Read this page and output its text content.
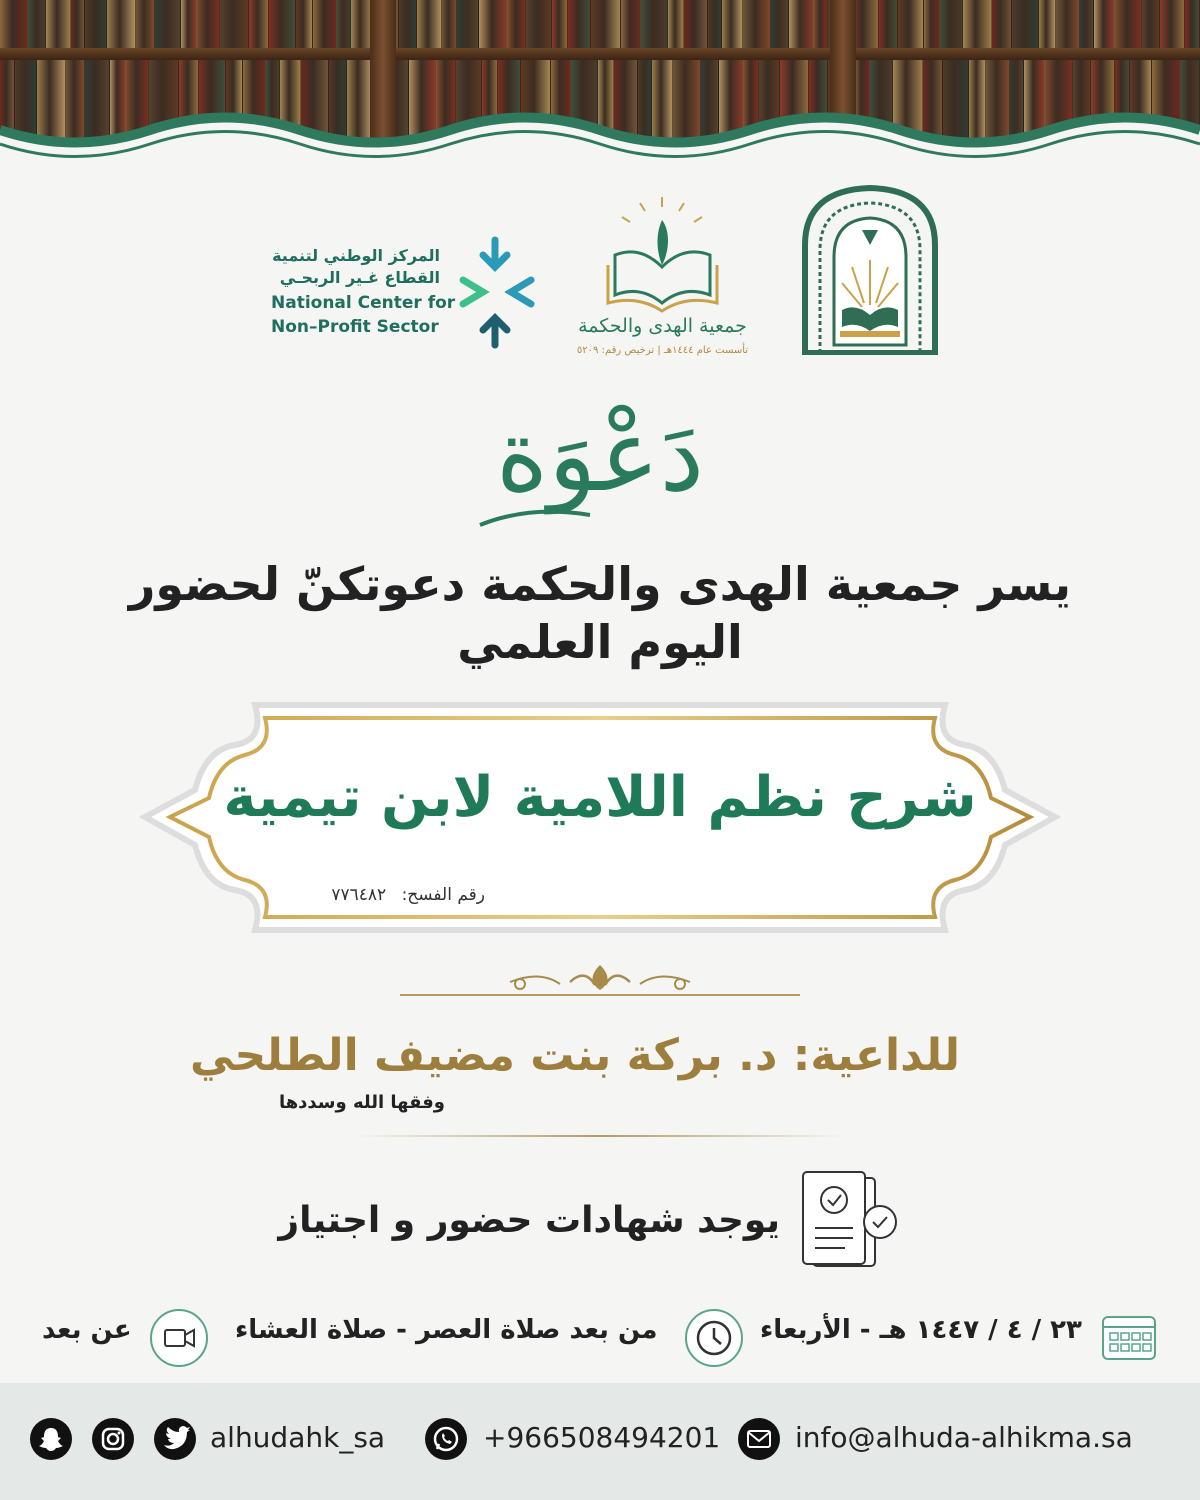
المركز الوطني لتنمية
القطاع غـير الربحـي
National Center for
Non–Profit Sector	جمعية الهدى والحكمة
تأسست عام ١٤٤٤هـ | ترخيص رقم: ٥٢٠٩
دَعْوَة
يسر جمعية الهدى والحكمة دعوتكنّ لحضور
اليوم العلمي
شرح نظم اللامية لابن تيمية
رقم الفسح: ٧٧٦٤٨٢
للداعية: د. بركة بنت مضيف الطلحي
وفقها الله وسددها
يوجد شهادات حضور و اجتياز
٢٣ / ٤ / ١٤٤٧ هـ - الأربعاء
من بعد صلاة العصر - صلاة العشاء
عن بعد
alhudahk_sa	+966508494201	info@alhuda-alhikma.sa
